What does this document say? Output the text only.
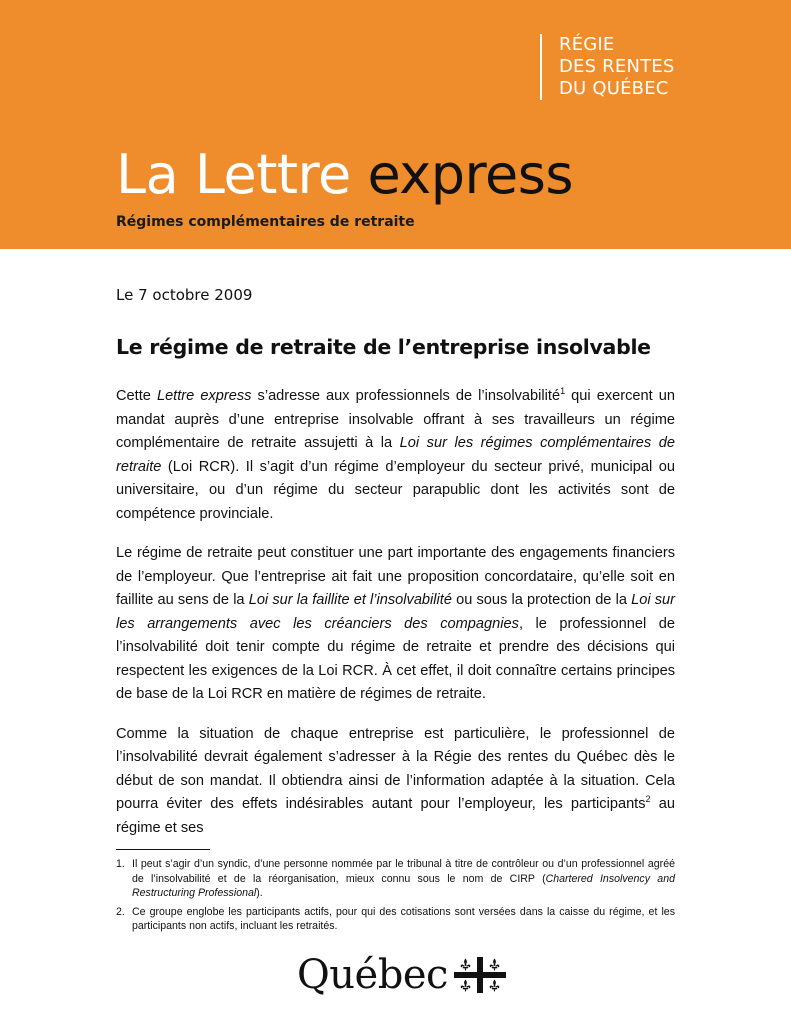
RÉGIE
DES RENTES
DU QUÉBEC
La Lettre express
Régimes complémentaires de retraite
Le 7 octobre 2009
Le régime de retraite de l’entreprise insolvable

Cette Lettre express s’adresse aux professionnels de l’insolvabilité$^1$ qui exercent un mandat auprès d’une entreprise insolvable offrant à ses travailleurs un régime complémentaire de retraite assujetti à la Loi sur les régimes complémentaires de retraite (Loi RCR). Il s’agit d’un régime d’employeur du secteur privé, municipal ou universitaire, ou d’un régime du secteur parapublic dont les activités sont de compétence provinciale.

Le régime de retraite peut constituer une part importante des engagements financiers de l’employeur. Que l’entreprise ait fait une proposition concordataire, qu’elle soit en faillite au sens de la Loi sur la faillite et l’insolvabilité ou sous la protection de la Loi sur les arrangements avec les créanciers des compagnies, le professionnel de l’insolvabilité doit tenir compte du régime de retraite et prendre des décisions qui respectent les exigences de la Loi RCR. À cet effet, il doit connaître certains principes de base de la Loi RCR en matière de régimes de retraite.

Comme la situation de chaque entreprise est particulière, le professionnel de l’insolvabilité devrait également s’adresser à la Régie des rentes du Québec dès le début de son mandat. Il obtiendra ainsi de l’information adaptée à la situation. Cela pourra éviter des effets indésirables autant pour l’employeur, les participants$^2$ au régime et ses

1. Il peut s’agir d’un syndic, d’une personne nommée par le tribunal à titre de contrôleur ou d’un professionnel agréé de l’insolvabilité et de la réorganisation, mieux connu sous le nom de CIRP (Chartered Insolvency and Restructuring Professional).
2. Ce groupe englobe les participants actifs, pour qui des cotisations sont versées dans la caisse du régime, et les participants non actifs, incluant les retraités.
Québec
